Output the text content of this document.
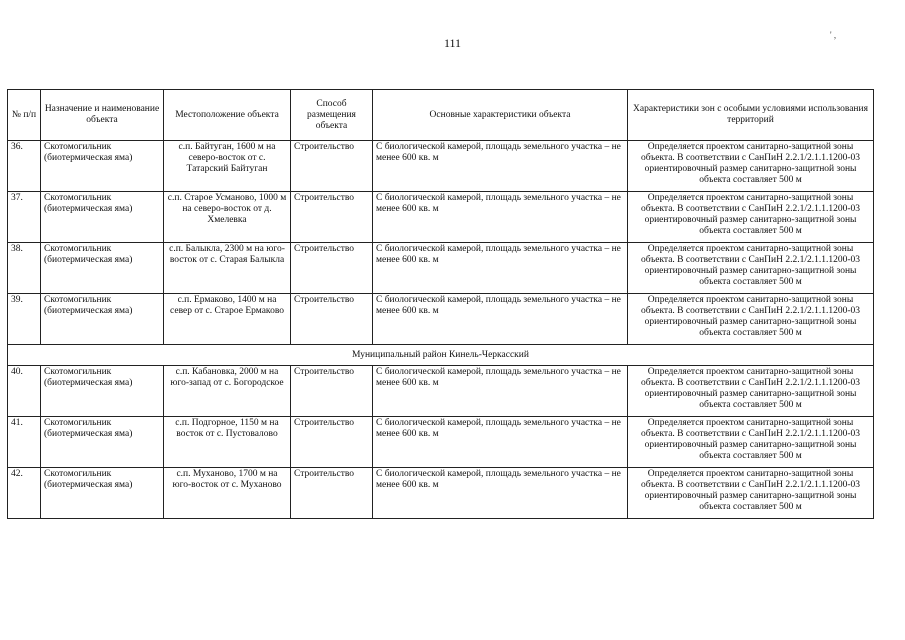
111
' ,
№ п/п	Назначение и наименование объекта	Местоположение объекта	Способ размещения объекта	Основные характеристики объекта	Характеристики зон с особыми условиями использования территорий
36.	Скотомогильник (биотермическая яма)	с.п. Байтуган, 1600 м на северо-восток от с. Татарский Байтуган	Строительство	С биологической камерой, площадь земельного участка – не менее 600 кв. м	Определяется проектом санитарно-защитной зоны объекта. В соответствии с СанПиН 2.2.1/2.1.1.1200-03 ориентировочный размер санитарно-защитной зоны объекта составляет 500 м
37.	Скотомогильник (биотермическая яма)	с.п. Старое Усманово, 1000 м на северо-восток от д. Хмелевка	Строительство	С биологической камерой, площадь земельного участка – не менее 600 кв. м	Определяется проектом санитарно-защитной зоны объекта. В соответствии с СанПиН 2.2.1/2.1.1.1200-03 ориентировочный размер санитарно-защитной зоны объекта составляет 500 м
38.	Скотомогильник (биотермическая яма)	с.п. Балыкла, 2300 м на юго-восток от с. Старая Балыкла	Строительство	С биологической камерой, площадь земельного участка – не менее 600 кв. м	Определяется проектом санитарно-защитной зоны объекта. В соответствии с СанПиН 2.2.1/2.1.1.1200-03 ориентировочный размер санитарно-защитной зоны объекта составляет 500 м
39.	Скотомогильник (биотермическая яма)	с.п. Ермаково, 1400 м на север от с. Старое Ермаково	Строительство	С биологической камерой, площадь земельного участка – не менее 600 кв. м	Определяется проектом санитарно-защитной зоны объекта. В соответствии с СанПиН 2.2.1/2.1.1.1200-03 ориентировочный размер санитарно-защитной зоны объекта составляет 500 м
Муниципальный район Кинель-Черкасский					
40.	Скотомогильник (биотермическая яма)	с.п. Кабановка, 2000 м на юго-запад от с. Богородское	Строительство	С биологической камерой, площадь земельного участка – не менее 600 кв. м	Определяется проектом санитарно-защитной зоны объекта. В соответствии с СанПиН 2.2.1/2.1.1.1200-03 ориентировочный размер санитарно-защитной зоны объекта составляет 500 м
41.	Скотомогильник (биотермическая яма)	с.п. Подгорное, 1150 м на восток от с. Пустовалово	Строительство	С биологической камерой, площадь земельного участка – не менее 600 кв. м	Определяется проектом санитарно-защитной зоны объекта. В соответствии с СанПиН 2.2.1/2.1.1.1200-03 ориентировочный размер санитарно-защитной зоны объекта составляет 500 м
42.	Скотомогильник (биотермическая яма)	с.п. Муханово, 1700 м на юго-восток от с. Муханово	Строительство	С биологической камерой, площадь земельного участка – не менее 600 кв. м	Определяется проектом санитарно-защитной зоны объекта. В соответствии с СанПиН 2.2.1/2.1.1.1200-03 ориентировочный размер санитарно-защитной зоны объекта составляет 500 м
